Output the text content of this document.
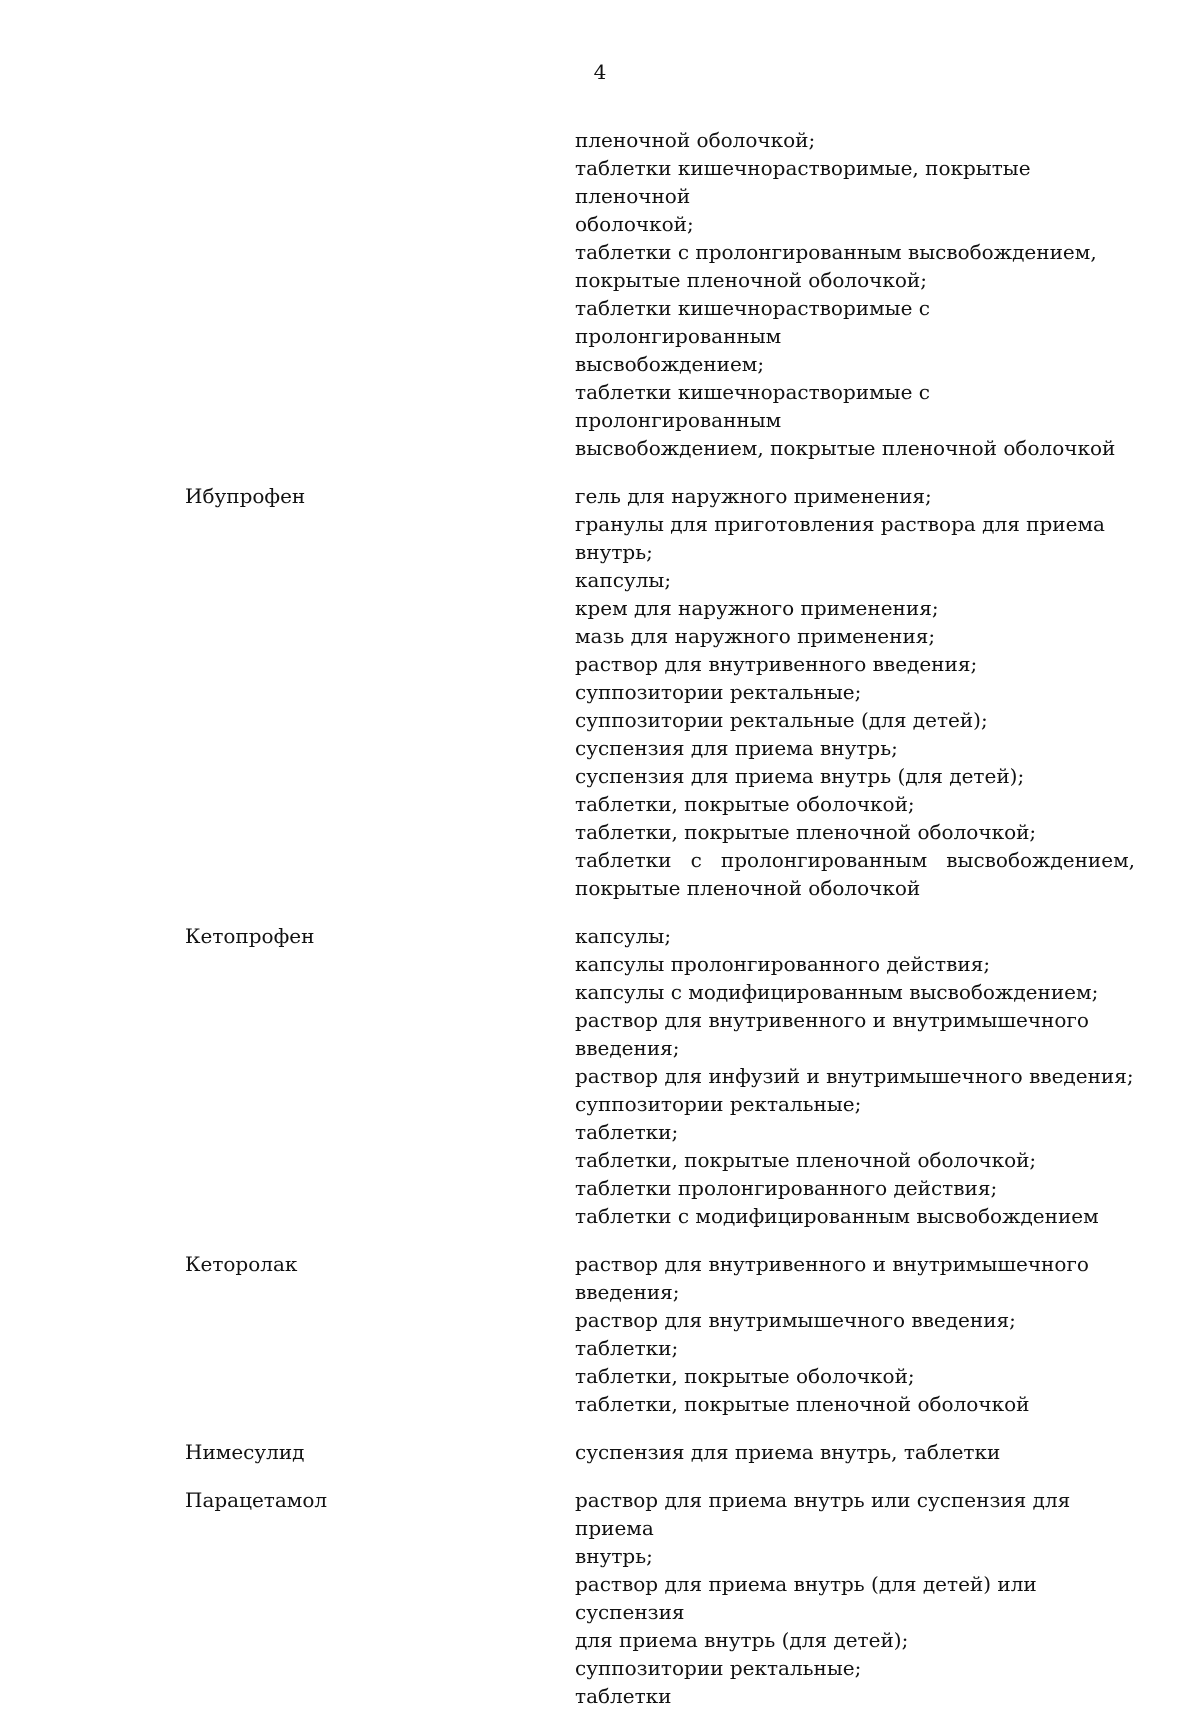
4

пленочной оболочкой;
таблетки кишечнорастворимые, покрытые пленочной
оболочкой;
таблетки с пролонгированным высвобождением,
покрытые пленочной оболочкой;
таблетки кишечнорастворимые с пролонгированным
высвобождением;
таблетки кишечнорастворимые с пролонгированным
высвобождением, покрытые пленочной оболочкой

Ибупрофен	гель для наружного применения;
гранулы для приготовления раствора для приема
внутрь;
капсулы;
крем для наружного применения;
мазь для наружного применения;
раствор для внутривенного введения;
суппозитории ректальные;
суппозитории ректальные (для детей);
суспензия для приема внутрь;
суспензия для приема внутрь (для детей);
таблетки, покрытые оболочкой;
таблетки, покрытые пленочной оболочкой;
таблетки с пролонгированным высвобождением,
покрытые пленочной оболочкой

Кетопрофен	капсулы;
капсулы пролонгированного действия;
капсулы с модифицированным высвобождением;
раствор для внутривенного и внутримышечного
введения;
раствор для инфузий и внутримышечного введения;
суппозитории ректальные;
таблетки;
таблетки, покрытые пленочной оболочкой;
таблетки пролонгированного действия;
таблетки с модифицированным высвобождением

Кеторолак	раствор для внутривенного и внутримышечного
введения;
раствор для внутримышечного введения;
таблетки;
таблетки, покрытые оболочкой;
таблетки, покрытые пленочной оболочкой

Нимесулид	суспензия для приема внутрь, таблетки

Парацетамол	раствор для приема внутрь или суспензия для приема
внутрь;
раствор для приема внутрь (для детей) или суспензия
для приема внутрь (для детей);
суппозитории ректальные;
таблетки
